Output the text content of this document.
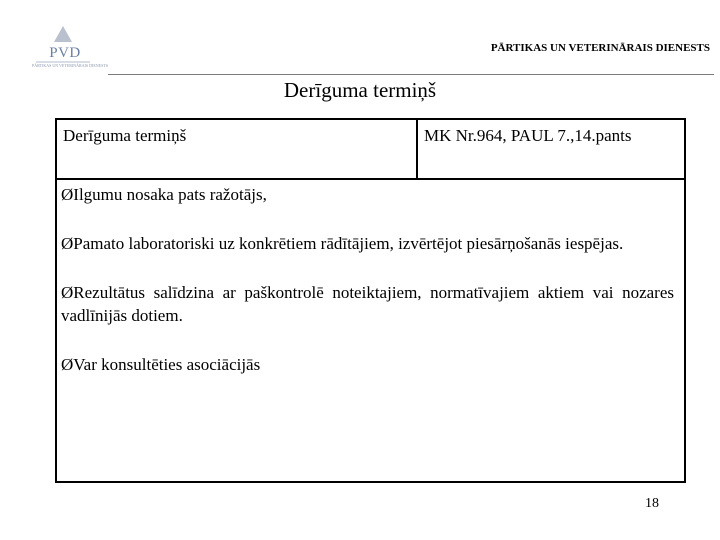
PVD
PĀRTIKAS UN VETERINĀRAIS DIENESTS
PĀRTIKAS UN VETERINĀRAIS DIENESTS
Derīguma termiņš
Derīguma termiņš	MK Nr.964, PAUL 7.,14.pants

ØIlgumu nosaka pats ražotājs,

ØPamato laboratoriski uz konkrētiem rādītājiem, izvērtējot piesārņošanās iespējas.

ØRezultātus salīdzina ar paškontrolē noteiktajiem, normatīvajiem aktiem vai nozares vadlīnijās dotiem.

ØVar konsultēties asociācijās

18
